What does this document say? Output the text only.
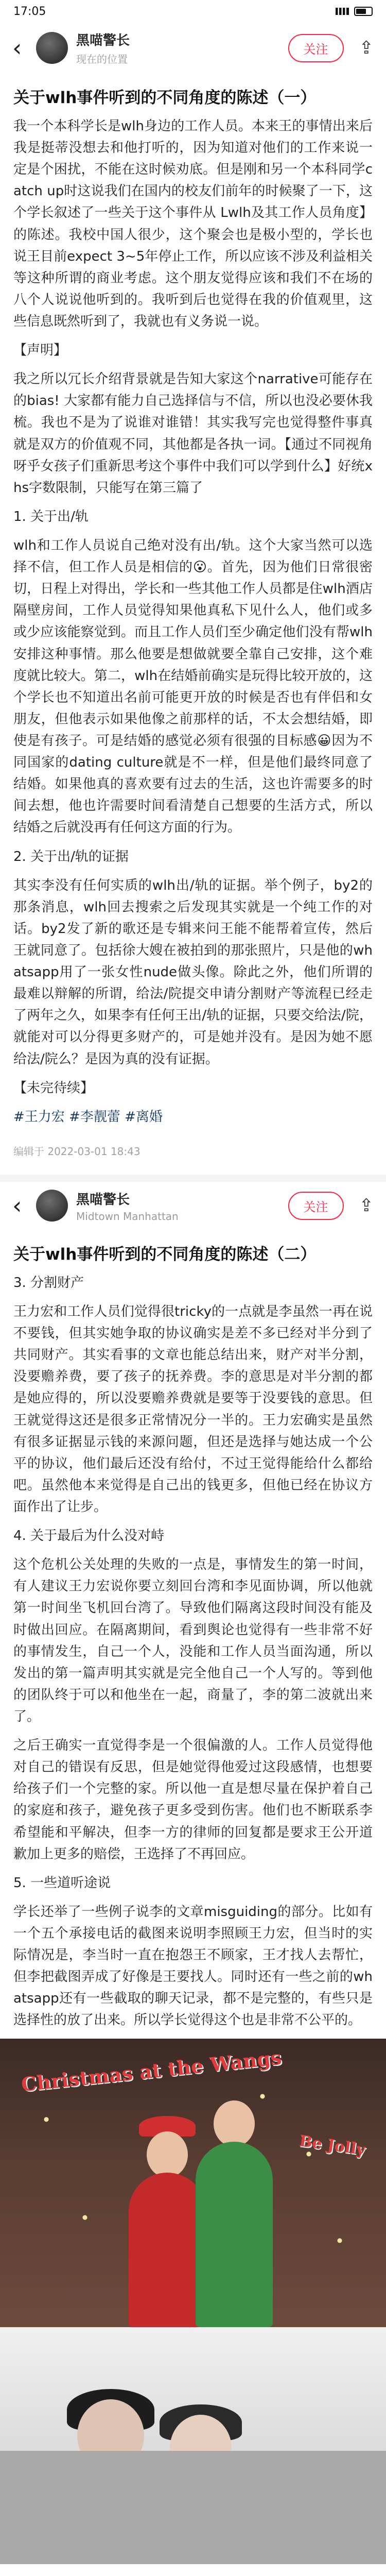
17:05
‹	黑喵警长
现在的位置
关注	⇪
关于wlh事件听到的不同角度的陈述（一）

我一个本科学长是wlh身边的工作人员。本来王的事情出来后我是挺蒂没想去和他打听的，因为知道对他们的工作来说一定是个困扰，不能在这时候劝底。但是刚和另一个本科同学catch up时这说我们在国内的校友们前年的时候聚了一下，这个学长叙述了一些关于这个事件从 Lwlh及其工作人员角度】的陈述。我校中国人很少，这个聚会也是极小型的，学长也说王目前expect 3~5年停止工作，所以应该不涉及利益相关等这种所谓的商业考虑。这个朋友觉得应该和我们不在场的八个人说说他听到的。我听到后也觉得在我的价值观里，这些信息既然听到了，我就也有义务说一说。

【声明】

我之所以冗长介绍背景就是告知大家这个narrative可能存在的bias! 大家都有能力自己选择信与不信，所以也没必要休我梳。我也不是为了说谁对谁错！其实我写完也觉得整件事真就是双方的价值观不同，其他都是各执一词。【通过不同视角呀乎女孩子们重新思考这个事件中我们可以学到什么】好统xhs字数限制，只能写在第三篇了

1. 关于出/轨

wlh和工作人员说自己绝对没有出/轨。这个大家当然可以选择不信，但工作人员是相信的😮。首先，因为他们日常很密切，日程上对得出，学长和一些其他工作人员都是住wlh酒店隔壁房间，工作人员觉得知果他真私下见什么人，他们或多或少应该能察觉到。而且工作人员们至少确定他们没有帮wlh安排这种事情。那么他要是想做就要全靠自己安排，这个难度就比较大。第二，wlh在结婚前确实是玩得比较开放的，这个学长也不知道出名前可能更开放的时候是否也有伴侣和女朋友，但他表示如果他像之前那样的话，不太会想结婚，即使是有孩子。可是结婚的感觉必须有很强的目标感😀因为不同国家的dating culture就是不一样，但是他们最终同意了结婚。如果他真的喜欢要有过去的生活，这也许需要多的时间去想，他也许需要时间看清楚自己想要的生活方式，所以结婚之后就没再有任何这方面的行为。

2. 关于出/轨的证据

其实李没有任何实质的wlh出/轨的证据。举个例子，by2的那条消息，wlh回去搜索之后发现其实就是一个纯工作的对话。by2发了新的歌还是专辑来问王能不能帮着宣传，然后王就同意了。包括徐大嫂在被拍到的那张照片，只是他的whatsapp用了一张女性nude做头像。除此之外，他们所谓的最难以辩解的所谓，给法/院提交申请分割财产等流程已经走了两年之久，如果李有任何王出/轨的证据，只要交给法/院，就能对可以分得更多财产的，可是她并没有。是因为她不愿给法/院么？是因为真的没有证据。

【未完待续】

#王力宏 #李靓蕾 #离婚

编辑于 2022-03-01 18:43
‹	黑喵警长
Midtown Manhattan
关注	⇪
关于wlh事件听到的不同角度的陈述（二）

3. 分割财产

王力宏和工作人员们觉得很tricky的一点就是李虽然一再在说不要钱，但其实她争取的协议确实是差不多已经对半分到了共同财产。其实看事的文章也能总结出来，财产对半分割，没要赡养费，要了孩子的抚养费。李的意思是对半分割的都是她应得的，所以没要赡养费就是要等于没要钱的意思。但王就觉得这还是很多正常情况分一半的。王力宏确实是虽然有很多证据显示钱的来源问题，但还是选择与她达成一个公平的协议，他们最后还没有给付，不过王觉得能给什么都给吧。虽然他本来觉得是自己出的钱更多，但他已经在协议方面作出了让步。

4. 关于最后为什么没对峙

这个危机公关处理的失败的一点是，事情发生的第一时间，有人建议王力宏说你要立刻回台湾和李见面协调，所以他就第一时间坐飞机回台湾了。导致他们隔离这段时间没有能及时做出回应。在隔离期间，看到舆论也觉得有一些非常不好的事情发生，自己一个人，没能和工作人员当面沟通，所以发出的第一篇声明其实就是完全他自己一个人写的。等到他的团队终于可以和他坐在一起，商量了，李的第二波就出来了。

之后王确实一直觉得李是一个很偏激的人。工作人员觉得他对自己的错误有反思，但是她觉得他爱过这段感情，也想要给孩子们一个完整的家。所以他一直是想尽量在保护着自己的家庭和孩子，避免孩子更多受到伤害。他们也不断联系李希望能和平解决，但李一方的律师的回复都是要求王公开道歉加上更多的赔偿，王选择了不再回应。

5. 一些道听途说

学长还举了一些例子说李的文章misguiding的部分。比如有一个五个承接电话的截图来说明李照顾王力宏，但当时的实际情况是，李当时一直在抱怨王不顾家，王才找人去帮忙，但李把截图弄成了好像是王要找人。同时还有一些之前的whatsapp还有一些截取的聊天记录，都不是完整的，有些只是选择性的放了出来。所以学长觉得这个也是非常不公平的。

Christmas at the Wangs
Be Jolly
